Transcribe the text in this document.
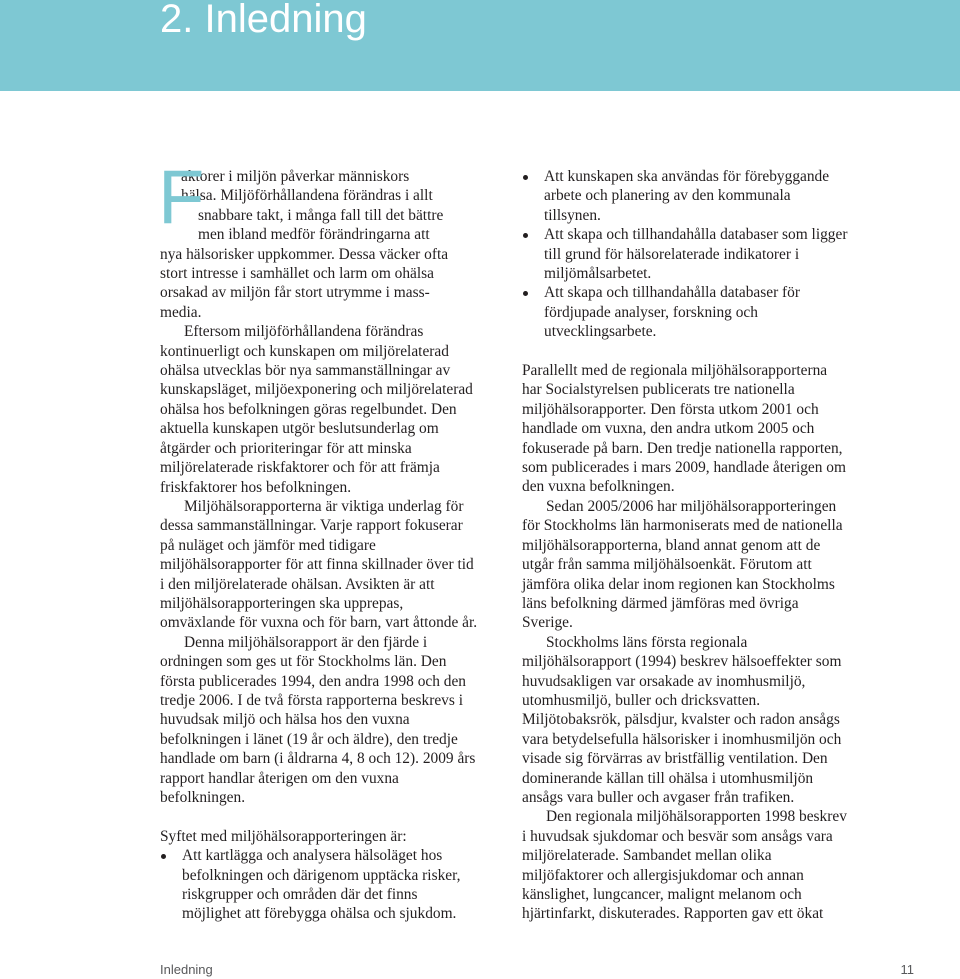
2. Inledning
F
aktorer i miljön påverkar människors
hälsa. Miljöförhållandena förändras i allt
snabbare takt, i många fall till det bättre
men ibland medför förändringarna att
nya hälsorisker uppkommer. Dessa väcker ofta
stort intresse i samhället och larm om ohälsa
orsakad av miljön får stort utrymme i mass-
media.

Eftersom miljöförhållandena förändras kontinuerligt och kunskapen om miljörelaterad ohälsa utvecklas bör nya sammanställningar av kunskapsläget, miljöexponering och miljörelaterad ohälsa hos befolkningen göras regelbundet. Den aktuella kunskapen utgör beslutsunderlag om åtgärder och prioriteringar för att minska miljörelaterade riskfaktorer och för att främja friskfaktorer hos befolkningen.

Miljöhälsorapporterna är viktiga underlag för dessa sammanställningar. Varje rapport fokuserar på nuläget och jämför med tidigare miljöhälsorapporter för att finna skillnader över tid i den miljörelaterade ohälsan. Avsikten är att miljöhälsorapporteringen ska upprepas, omväxlande för vuxna och för barn, vart åttonde år.

Denna miljöhälsorapport är den fjärde i ordningen som ges ut för Stockholms län. Den första publicerades 1994, den andra 1998 och den tredje 2006. I de två första rapporterna beskrevs i huvudsak miljö och hälsa hos den vuxna befolkningen i länet (19 år och äldre), den tredje handlade om barn (i åldrarna 4, 8 och 12). 2009 års rapport handlar återigen om den vuxna befolkningen.

Syftet med miljöhälsorapporteringen är:

Att kartlägga och analysera hälsoläget hos befolkningen och därigenom upptäcka risker, riskgrupper och områden där det finns möjlighet att förebygga ohälsa och sjukdom.
Att kunskapen ska användas för förebyggande arbete och planering av den kommunala tillsynen.
Att skapa och tillhandahålla databaser som ligger till grund för hälsorelaterade indikatorer i miljömålsarbetet.
Att skapa och tillhandahålla databaser för fördjupade analyser, forskning och utvecklingsarbete.

Parallellt med de regionala miljöhälsorapporterna har Socialstyrelsen publicerats tre nationella miljöhälsorapporter. Den första utkom 2001 och handlade om vuxna, den andra utkom 2005 och fokuserade på barn. Den tredje nationella rapporten, som publicerades i mars 2009, handlade återigen om den vuxna befolkningen.

Sedan 2005/2006 har miljöhälsorapporteringen för Stockholms län harmoniserats med de nationella miljöhälsorapporterna, bland annat genom att de utgår från samma miljöhälsoenkät. Förutom att jämföra olika delar inom regionen kan Stockholms läns befolkning därmed jämföras med övriga Sverige.

Stockholms läns första regionala miljöhälsorapport (1994) beskrev hälsoeffekter som huvudsakligen var orsakade av inomhusmiljö, utomhusmiljö, buller och dricksvatten. Miljötobaksrök, pälsdjur, kvalster och radon ansågs vara betydelsefulla hälsorisker i inomhusmiljön och visade sig förvärras av bristfällig ventilation. Den dominerande källan till ohälsa i utomhusmiljön ansågs vara buller och avgaser från trafiken.

Den regionala miljöhälsorapporten 1998 beskrev i huvudsak sjukdomar och besvär som ansågs vara miljörelaterade. Sambandet mellan olika miljöfaktorer och allergisjukdomar och annan känslighet, lungcancer, malignt melanom och hjärtinfarkt, diskuterades. Rapporten gav ett ökat

Inledning	11
